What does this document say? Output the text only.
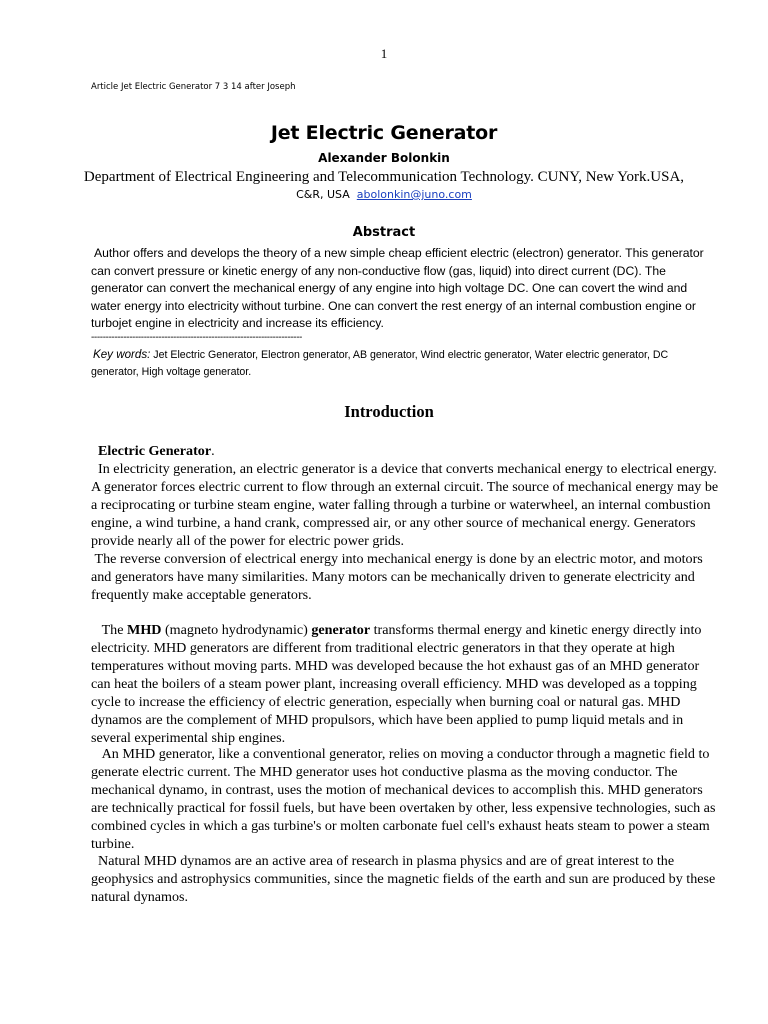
1
Article Jet Electric Generator 7 3 14 after Joseph
Jet Electric Generator
Alexander Bolonkin
Department of Electrical Engineering and Telecommunication Technology. CUNY, New York.USA,
C&R, USA abolonkin@juno.com
Abstract
Author offers and develops the theory of a new simple cheap efficient electric (electron) generator. This generator can convert pressure or kinetic energy of any non-conductive flow (gas, liquid) into direct current (DC). The generator can convert the mechanical energy of any engine into high voltage DC. One can covert the wind and water energy into electricity without turbine. One can convert the rest energy of an internal combustion engine or turbojet engine in electricity and increase its efficiency.
------------------------------------------------------------------------
Key words: Jet Electric Generator, Electron generator, AB generator, Wind electric generator, Water electric generator, DC generator, High voltage generator.
Introduction
Electric Generator.

In electricity generation, an electric generator is a device that converts mechanical energy to electrical energy. A generator forces electric current to flow through an external circuit. The source of mechanical energy may be a reciprocating or turbine steam engine, water falling through a turbine or waterwheel, an internal combustion engine, a wind turbine, a hand crank, compressed air, or any other source of mechanical energy. Generators provide nearly all of the power for electric power grids.

The reverse conversion of electrical energy into mechanical energy is done by an electric motor, and motors and generators have many similarities. Many motors can be mechanically driven to generate electricity and frequently make acceptable generators.

The MHD (magneto hydrodynamic) generator transforms thermal energy and kinetic energy directly into electricity. MHD generators are different from traditional electric generators in that they operate at high temperatures without moving parts. MHD was developed because the hot exhaust gas of an MHD generator can heat the boilers of a steam power plant, increasing overall efficiency. MHD was developed as a topping cycle to increase the efficiency of electric generation, especially when burning coal or natural gas. MHD dynamos are the complement of MHD propulsors, which have been applied to pump liquid metals and in several experimental ship engines.

An MHD generator, like a conventional generator, relies on moving a conductor through a magnetic field to generate electric current. The MHD generator uses hot conductive plasma as the moving conductor. The mechanical dynamo, in contrast, uses the motion of mechanical devices to accomplish this. MHD generators are technically practical for fossil fuels, but have been overtaken by other, less expensive technologies, such as combined cycles in which a gas turbine's or molten carbonate fuel cell's exhaust heats steam to power a steam turbine.

Natural MHD dynamos are an active area of research in plasma physics and are of great interest to the geophysics and astrophysics communities, since the magnetic fields of the earth and sun are produced by these natural dynamos.
